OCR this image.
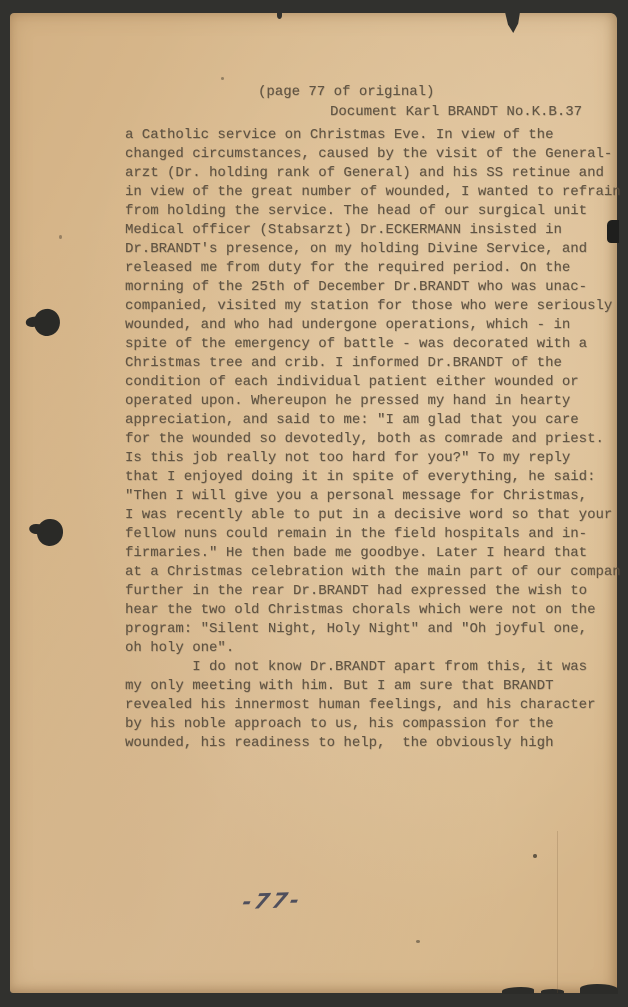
(page 77 of original)
Document Karl BRANDT No.K.B.37
a Catholic service on Christmas Eve. In view of the
changed circumstances, caused by the visit of the General-
arzt (Dr. holding rank of General) and his SS retinue and
in view of the great number of wounded, I wanted to refrain
from holding the service. The head of our surgical unit
Medical officer (Stabsarzt) Dr.ECKERMANN insisted in
Dr.BRANDT's presence, on my holding Divine Service, and
released me from duty for the required period. On the
morning of the 25th of December Dr.BRANDT who was unac-
companied, visited my station for those who were seriously
wounded, and who had undergone operations, which - in
spite of the emergency of battle - was decorated with a
Christmas tree and crib. I informed Dr.BRANDT of the
condition of each individual patient either wounded or
operated upon. Whereupon he pressed my hand in hearty
appreciation, and said to me: "I am glad that you care
for the wounded so devotedly, both as comrade and priest.
Is this job really not too hard for you?" To my reply
that I enjoyed doing it in spite of everything, he said:
"Then I will give you a personal message for Christmas,
I was recently able to put in a decisive word so that your
fellow nuns could remain in the field hospitals and in-
firmaries." He then bade me goodbye. Later I heard that
at a Christmas celebration with the main part of our compan
further in the rear Dr.BRANDT had expressed the wish to
hear the two old Christmas chorals which were not on the
program: "Silent Night, Holy Night" and "Oh joyful one,
oh holy one".
I do not know Dr.BRANDT apart from this, it was
my only meeting with him. But I am sure that BRANDT
revealed his innermost human feelings, and his character
by his noble approach to us, his compassion for the
wounded, his readiness to help,  the obviously high
-77-
